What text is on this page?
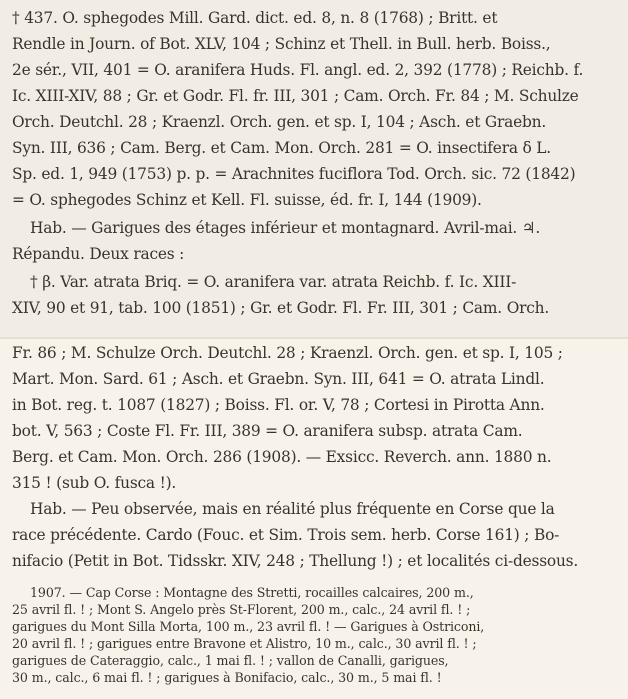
† 437. O. sphegodes Mill. Gard. dict. ed. 8, n. 8 (1768) ; Britt. et
Rendle in Journ. of Bot. XLV, 104 ; Schinz et Thell. in Bull. herb. Boiss.,
2e sér., VII, 401 = O. aranifera Huds. Fl. angl. ed. 2, 392 (1778) ; Reichb. f.
Ic. XIII-XIV, 88 ; Gr. et Godr. Fl. fr. III, 301 ; Cam. Orch. Fr. 84 ; M. Schulze
Orch. Deutchl. 28 ; Kraenzl. Orch. gen. et sp. I, 104 ; Asch. et Graebn.
Syn. III, 636 ; Cam. Berg. et Cam. Mon. Orch. 281 = O. insectifera δ L.
Sp. ed. 1, 949 (1753) p. p. = Arachnites fuciflora Tod. Orch. sic. 72 (1842)
= O. sphegodes Schinz et Kell. Fl. suisse, éd. fr. I, 144 (1909).
Hab. — Garigues des étages inférieur et montagnard. Avril-mai. ♃.
Répandu. Deux races :
† β. Var. atrata Briq. = O. aranifera var. atrata Reichb. f. Ic. XIII-
XIV, 90 et 91, tab. 100 (1851) ; Gr. et Godr. Fl. Fr. III, 301 ; Cam. Orch.
Fr. 86 ; M. Schulze Orch. Deutchl. 28 ; Kraenzl. Orch. gen. et sp. I, 105 ;
Mart. Mon. Sard. 61 ; Asch. et Graebn. Syn. III, 641 = O. atrata Lindl.
in Bot. reg. t. 1087 (1827) ; Boiss. Fl. or. V, 78 ; Cortesi in Pirotta Ann.
bot. V, 563 ; Coste Fl. Fr. III, 389 = O. aranifera subsp. atrata Cam.
Berg. et Cam. Mon. Orch. 286 (1908). — Exsicc. Reverch. ann. 1880 n.
315 ! (sub O. fusca !).
Hab. — Peu observée, mais en réalité plus fréquente en Corse que la
race précédente. Cardo (Fouc. et Sim. Trois sem. herb. Corse 161) ; Bo-
nifacio (Petit in Bot. Tidsskr. XIV, 248 ; Thellung !) ; et localités ci-dessous.
1907. — Cap Corse : Montagne des Stretti, rocailles calcaires, 200 m.,
25 avril fl. ! ; Mont S. Angelo près St-Florent, 200 m., calc., 24 avril fl. ! ;
garigues du Mont Silla Morta, 100 m., 23 avril fl. ! — Garigues à Ostriconi,
20 avril fl. ! ; garigues entre Bravone et Alistro, 10 m., calc., 30 avril fl. ! ;
garigues de Cateraggio, calc., 1 mai fl. ! ; vallon de Canalli, garigues,
30 m., calc., 6 mai fl. ! ; garigues à Bonifacio, calc., 30 m., 5 mai fl. !
